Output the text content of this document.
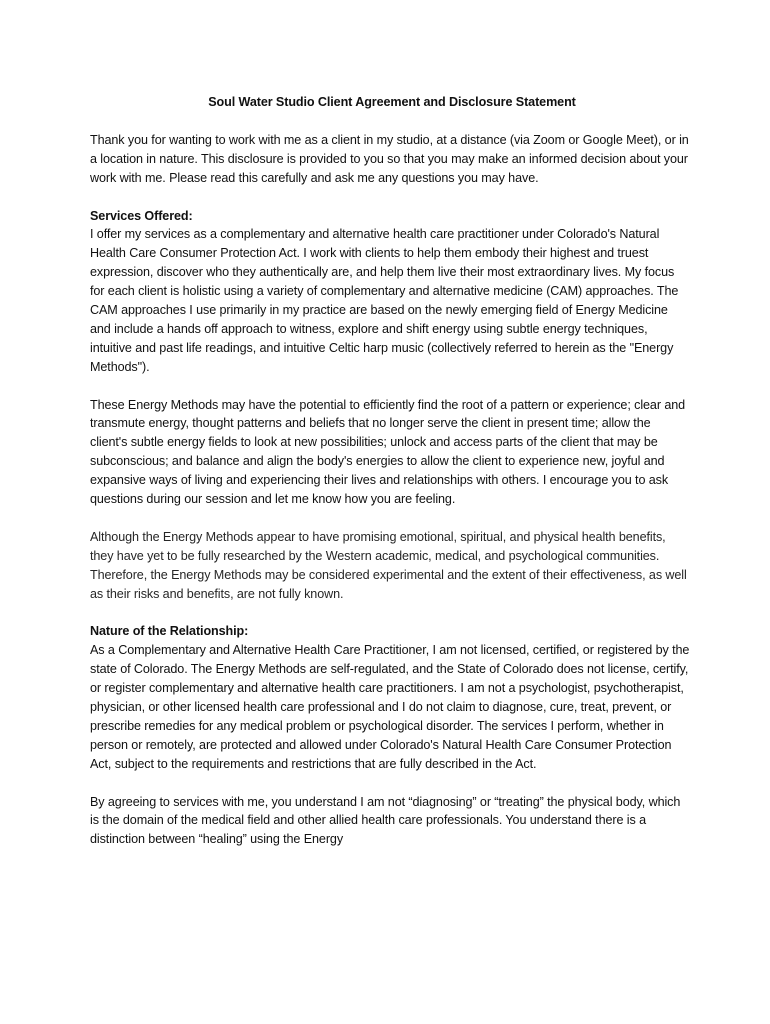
Soul Water Studio Client Agreement and Disclosure Statement

Thank you for wanting to work with me as a client in my studio, at a distance (via Zoom or Google Meet), or in a location in nature. This disclosure is provided to you so that you may make an informed decision about your work with me. Please read this carefully and ask me any questions you may have.

Services Offered:
I offer my services as a complementary and alternative health care practitioner under Colorado's Natural Health Care Consumer Protection Act. I work with clients to help them embody their highest and truest expression, discover who they authentically are, and help them live their most extraordinary lives. My focus for each client is holistic using a variety of complementary and alternative medicine (CAM) approaches. The CAM approaches I use primarily in my practice are based on the newly emerging field of Energy Medicine and include a hands off approach to witness, explore and shift energy using subtle energy techniques, intuitive and past life readings, and intuitive Celtic harp music (collectively referred to herein as the "Energy Methods").

These Energy Methods may have the potential to efficiently find the root of a pattern or experience; clear and transmute energy, thought patterns and beliefs that no longer serve the client in present time; allow the client's subtle energy fields to look at new possibilities; unlock and access parts of the client that may be subconscious; and balance and align the body's energies to allow the client to experience new, joyful and expansive ways of living and experiencing their lives and relationships with others. I encourage you to ask questions during our session and let me know how you are feeling.

Although the Energy Methods appear to have promising emotional, spiritual, and physical health benefits, they have yet to be fully researched by the Western academic, medical, and psychological communities. Therefore, the Energy Methods may be considered experimental and the extent of their effectiveness, as well as their risks and benefits, are not fully known.

Nature of the Relationship:
As a Complementary and Alternative Health Care Practitioner, I am not licensed, certified, or registered by the state of Colorado. The Energy Methods are self-regulated, and the State of Colorado does not license, certify, or register complementary and alternative health care practitioners. I am not a psychologist, psychotherapist, physician, or other licensed health care professional and I do not claim to diagnose, cure, treat, prevent, or prescribe remedies for any medical problem or psychological disorder. The services I perform, whether in person or remotely, are protected and allowed under Colorado's Natural Health Care Consumer Protection Act, subject to the requirements and restrictions that are fully described in the Act.

By agreeing to services with me, you understand I am not “diagnosing” or “treating” the physical body, which is the domain of the medical field and other allied health care professionals. You understand there is a distinction between “healing” using the Energy
